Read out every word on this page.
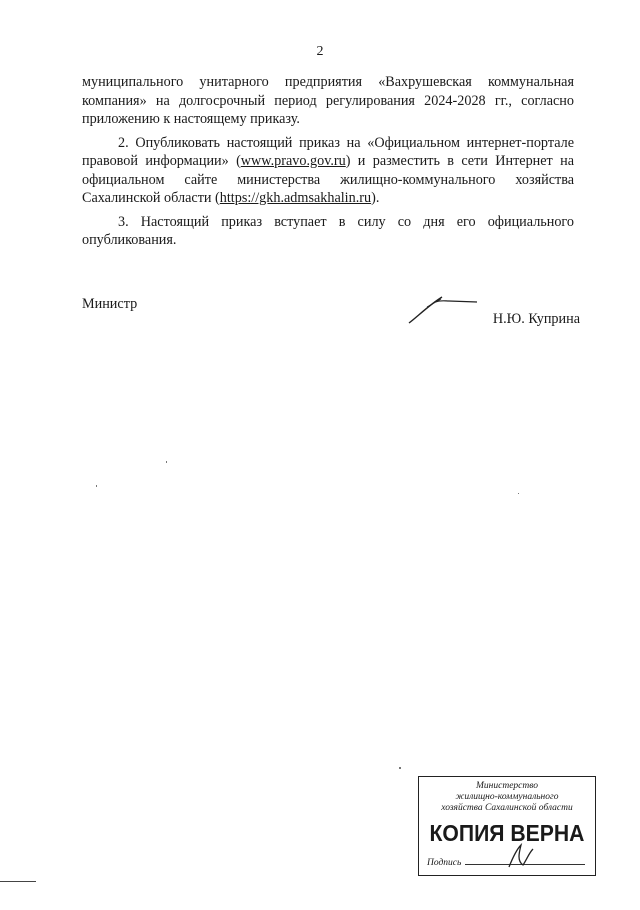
2

муниципального унитарного предприятия «Вахрушевская коммунальная компания» на долгосрочный период регулирования 2024-2028 гг., согласно приложению к настоящему приказу.

2. Опубликовать настоящий приказ на «Официальном интернет-портале правовой информации» (www.pravo.gov.ru) и разместить в сети Интернет на официальном сайте министерства жилищно-коммунального хозяйства Сахалинской области (https://gkh.admsakhalin.ru).

3. Настоящий приказ вступает в силу со дня его официального опубликования.

Министр
Н.Ю. Куприна
Министерство
жилищно-коммунального
хозяйства Сахалинской области
КОПИЯ ВЕРНА
Подпись
